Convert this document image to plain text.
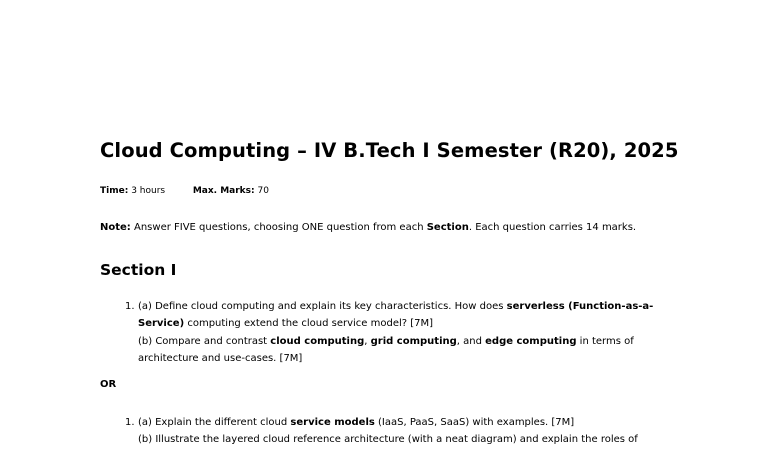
Cloud Computing – IV B.Tech I Semester (R20), 2025
Time: 3 hours	Max. Marks: 70
Note: Answer FIVE questions, choosing ONE question from each Section. Each question carries 14 marks.
Section I
1. (a) Define cloud computing and explain its key characteristics. How does serverless (Function-as-a-Service) computing extend the cloud service model? [7M]
(b) Compare and contrast cloud computing, grid computing, and edge computing in terms of architecture and use-cases. [7M]
OR
1. (a) Explain the different cloud service models (IaaS, PaaS, SaaS) with examples. [7M]
(b) Illustrate the layered cloud reference architecture (with a neat diagram) and explain the roles of
